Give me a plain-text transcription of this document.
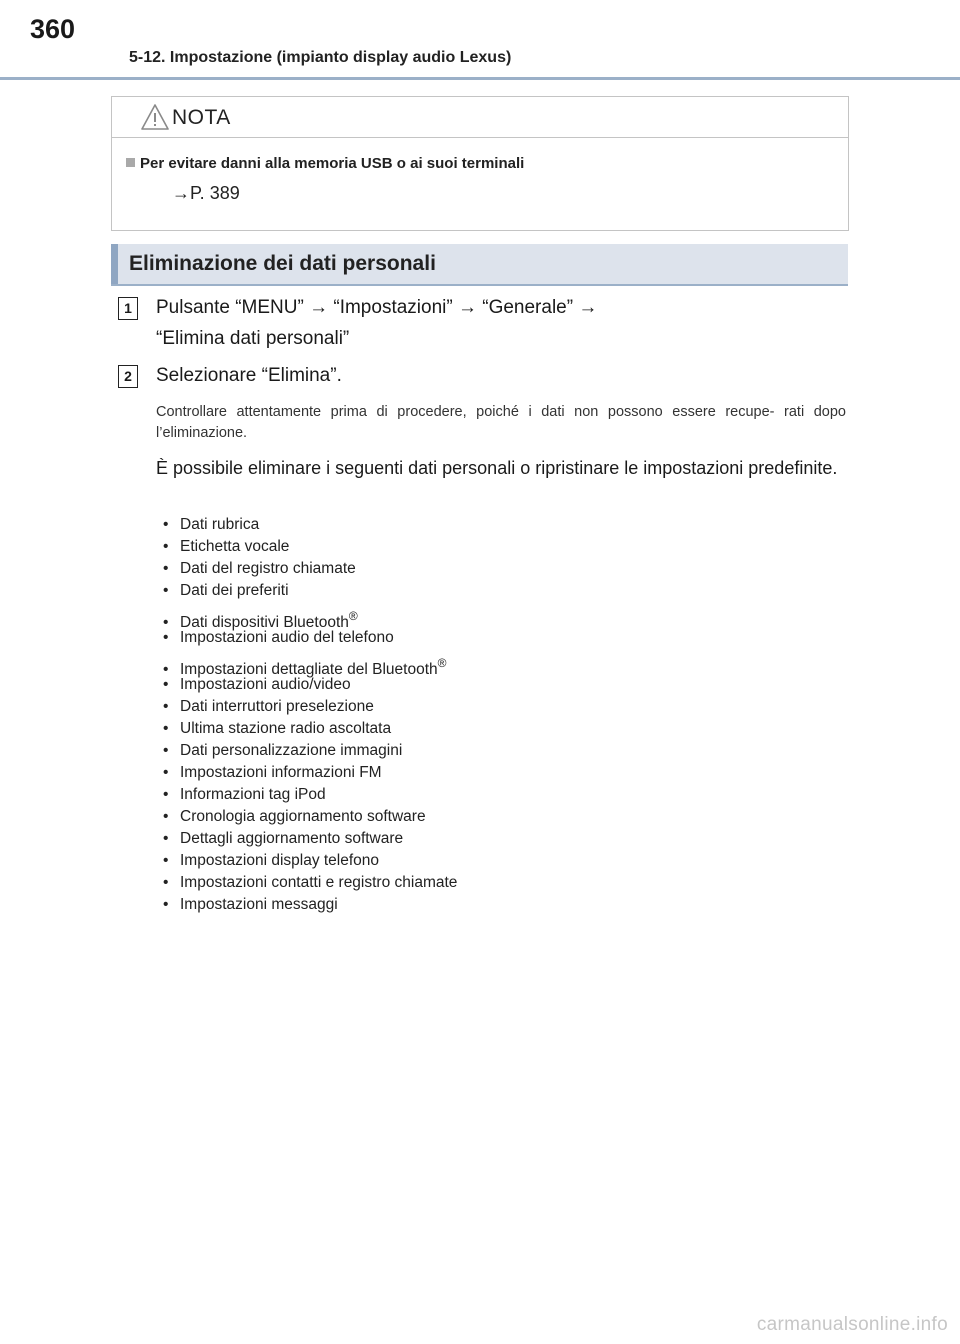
360
5-12. Impostazione (impianto display audio Lexus)
NOTA
Per evitare danni alla memoria USB o ai suoi terminali
→P. 389
Eliminazione dei dati personali
1	Pulsante “MENU” → “Impostazioni” → “Generale” →
“Elimina dati personali”
2	Selezionare “Elimina”.
Controllare attentamente prima di procedere, poiché i dati non possono essere recupe- rati dopo l’eliminazione.
È possibile eliminare i seguenti dati personali o ripristinare le impostazioni predefinite.
• Dati rubrica
• Etichetta vocale
• Dati del registro chiamate
• Dati dei preferiti
• Dati dispositivi Bluetooth®
• Impostazioni audio del telefono
• Impostazioni dettagliate del Bluetooth®
• Impostazioni audio/video
• Dati interruttori preselezione
• Ultima stazione radio ascoltata
• Dati personalizzazione immagini
• Impostazioni informazioni FM
• Informazioni tag iPod
• Cronologia aggiornamento software
• Dettagli aggiornamento software
• Impostazioni display telefono
• Impostazioni contatti e registro chiamate
• Impostazioni messaggi
carmanualsonline.info
